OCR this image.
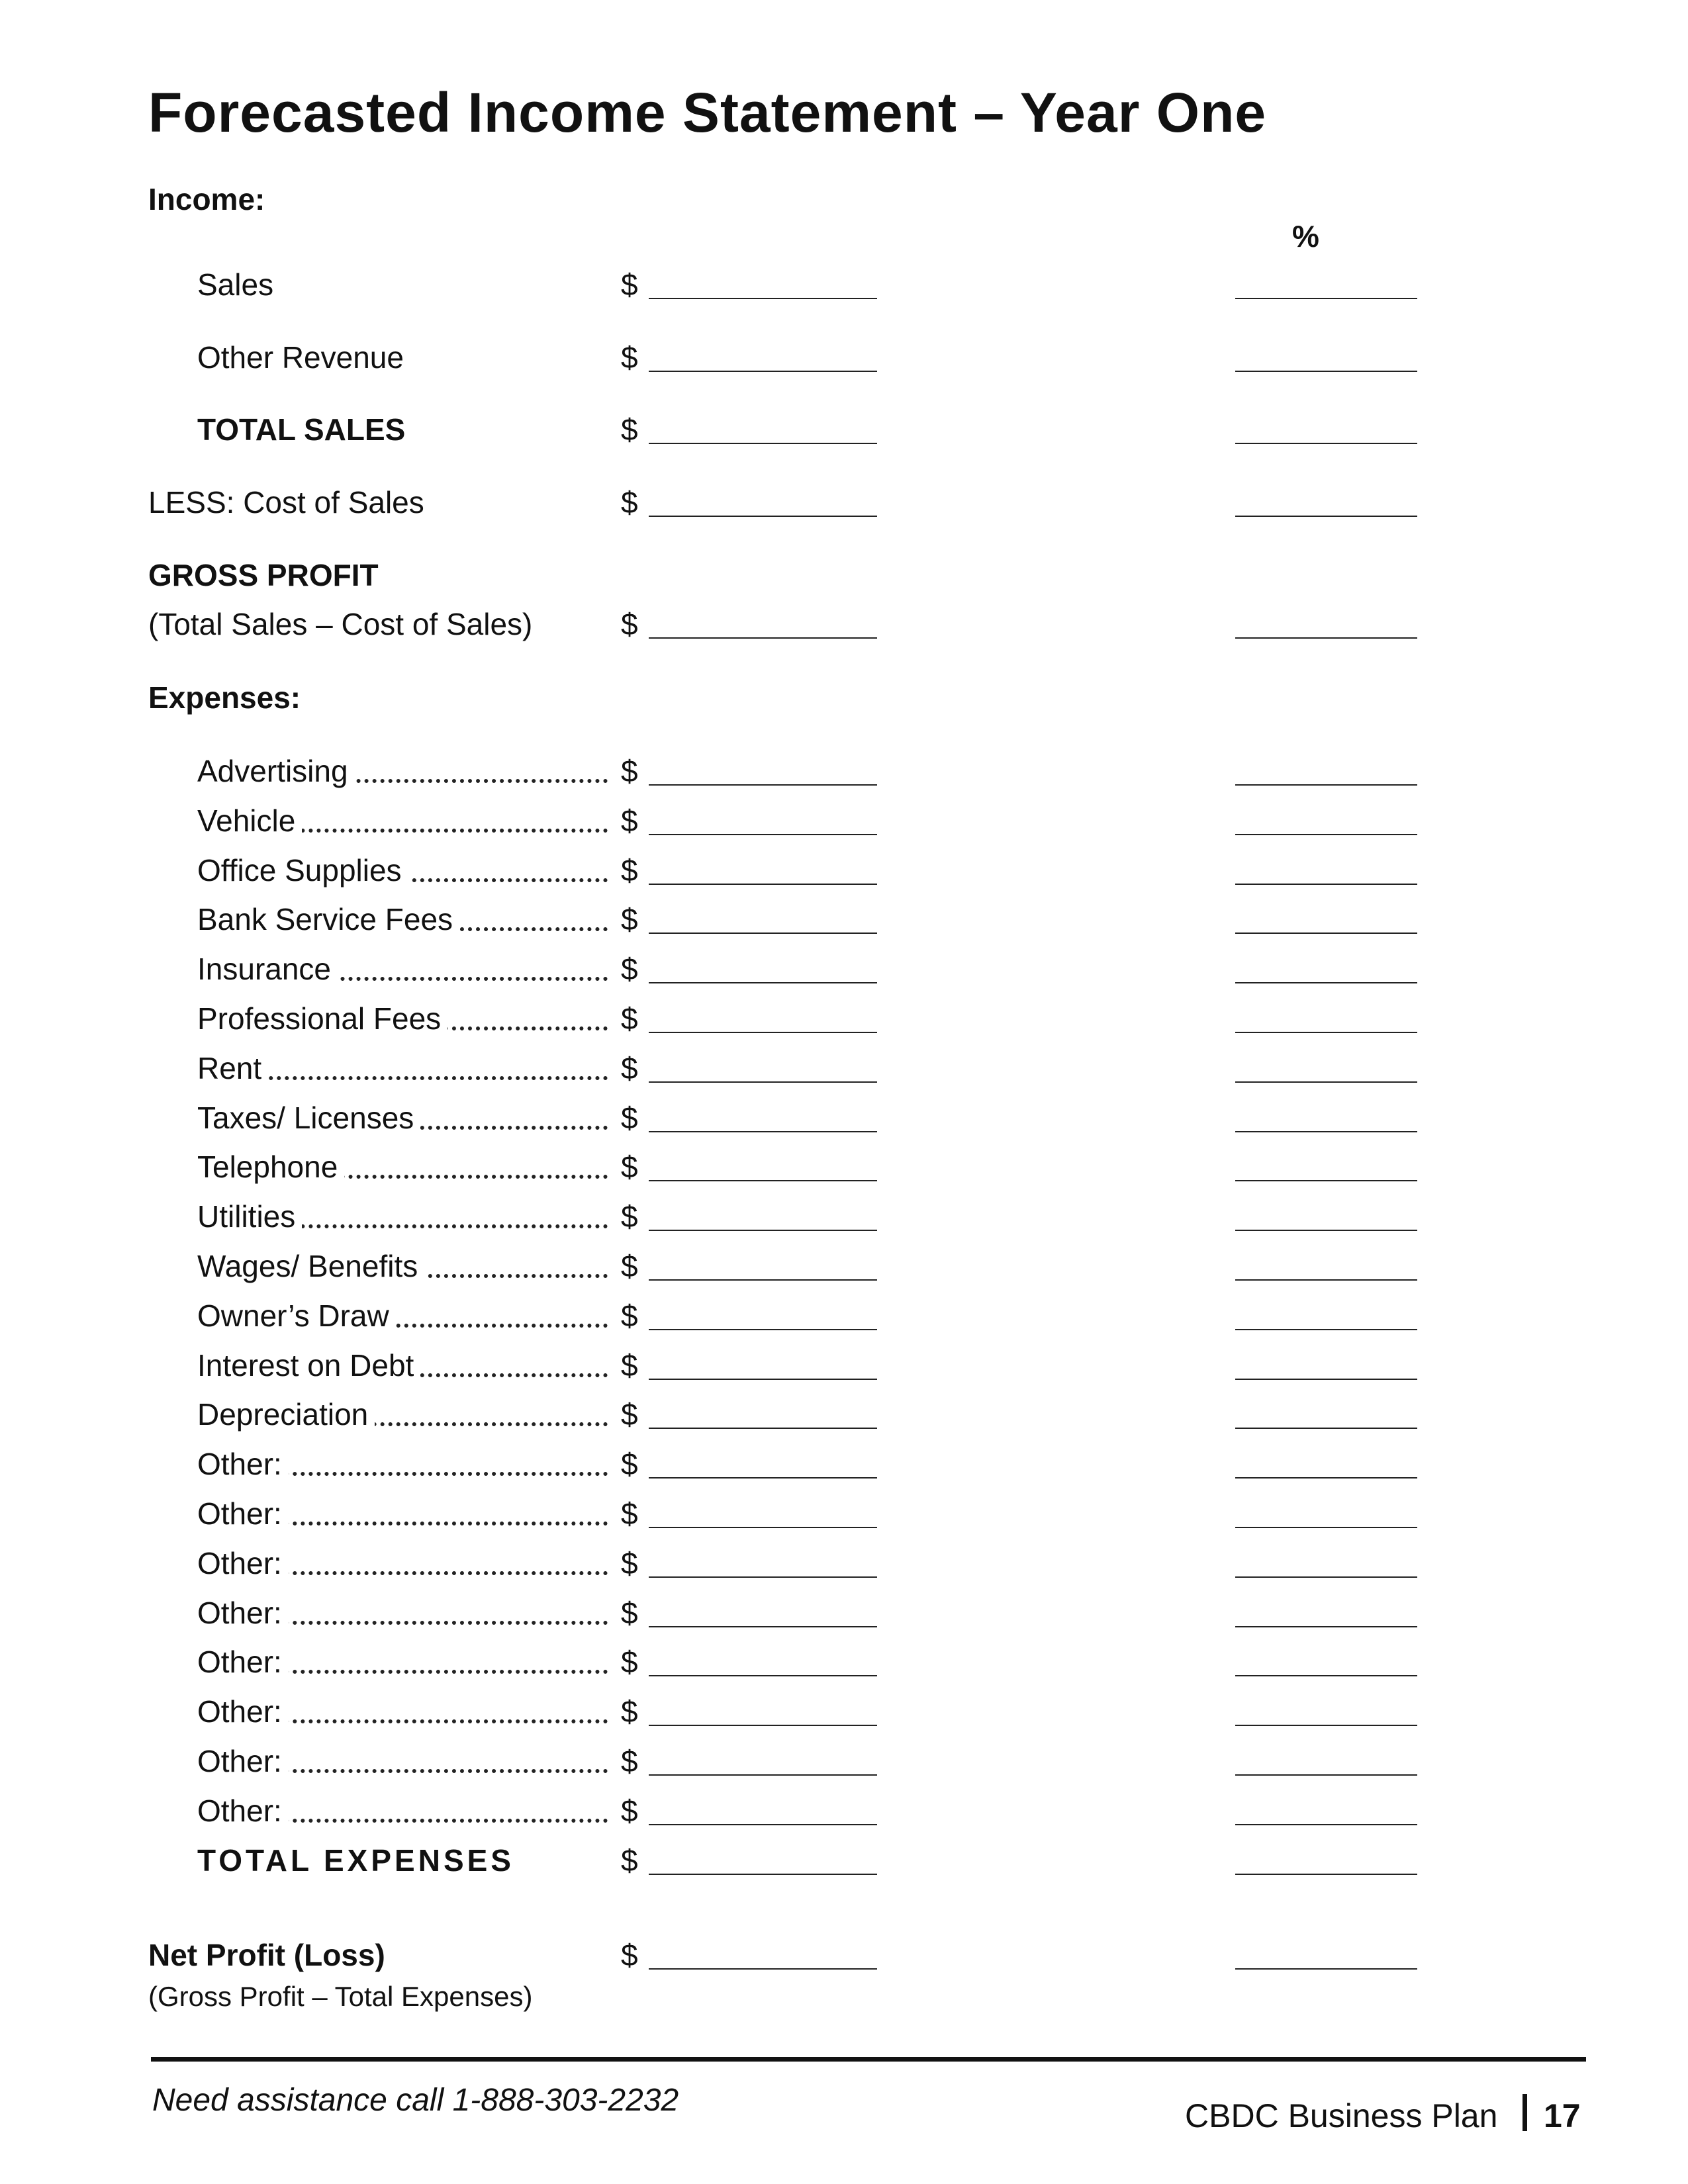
Forecasted Income Statement – Year One
Income:
%
Sales	$
Other Revenue	$
TOTAL SALES	$
LESS: Cost of Sales	$
GROSS PROFIT
(Total Sales – Cost of Sales)	$
Expenses:
Advertising	$
Vehicle	$
Office Supplies	$
Bank Service Fees	$
Insurance	$
Professional Fees	$
Rent	$
Taxes/ Licenses	$
Telephone	$
Utilities	$
Wages/ Benefits	$
Owner’s Draw	$
Interest on Debt	$
Depreciation	$
Other:	$
Other:	$
Other:	$
Other:	$
Other:	$
Other:	$
Other:	$
Other:	$
TOTAL EXPENSES	$
Net Profit (Loss)	$
(Gross Profit – Total Expenses)
Need assistance call 1-888-303-2232	CBDC Business Plan 17
